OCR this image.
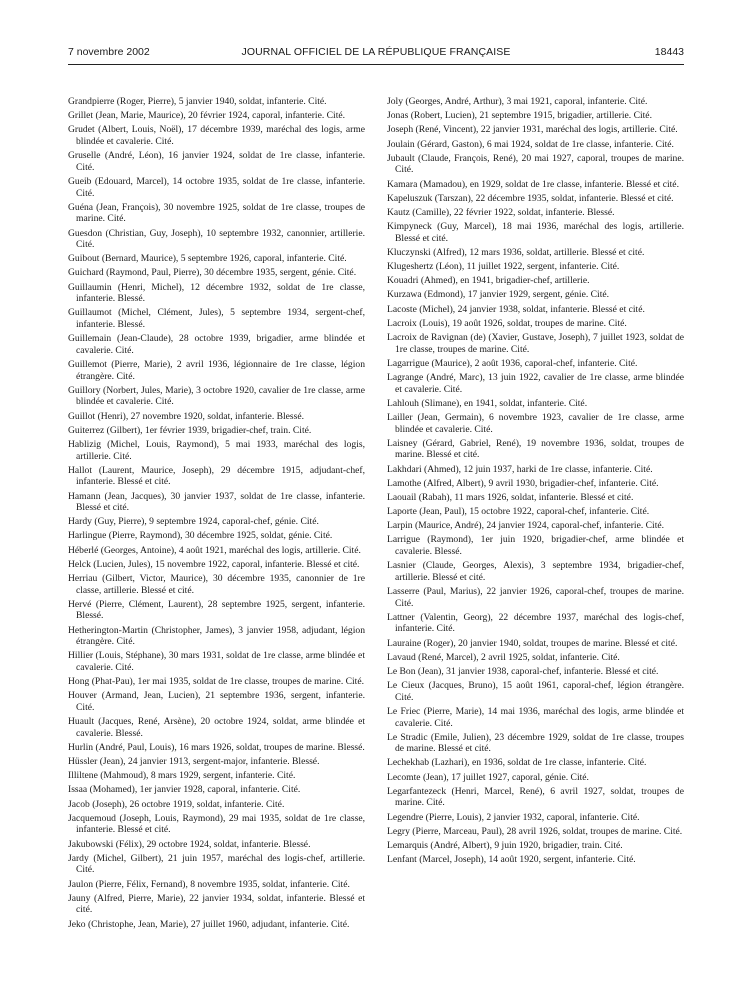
7 novembre 2002	JOURNAL OFFICIEL DE LA RÉPUBLIQUE FRANÇAISE	18443

Grandpierre (Roger, Pierre), 5 janvier 1940, soldat, infanterie. Cité.

Grillet (Jean, Marie, Maurice), 20 février 1924, caporal, infanterie. Cité.

Grudet (Albert, Louis, Noël), 17 décembre 1939, maréchal des logis, arme blindée et cavalerie. Cité.

Gruselle (André, Léon), 16 janvier 1924, soldat de 1re classe, infanterie. Cité.

Gueib (Edouard, Marcel), 14 octobre 1935, soldat de 1re classe, infanterie. Cité.

Guéna (Jean, François), 30 novembre 1925, soldat de 1re classe, troupes de marine. Cité.

Guesdon (Christian, Guy, Joseph), 10 septembre 1932, canonnier, artillerie. Cité.

Guibout (Bernard, Maurice), 5 septembre 1926, caporal, infanterie. Cité.

Guichard (Raymond, Paul, Pierre), 30 décembre 1935, sergent, génie. Cité.

Guillaumin (Henri, Michel), 12 décembre 1932, soldat de 1re classe, infanterie. Blessé.

Guillaumot (Michel, Clément, Jules), 5 septembre 1934, sergent-chef, infanterie. Blessé.

Guillemain (Jean-Claude), 28 octobre 1939, brigadier, arme blindée et cavalerie. Cité.

Guillemot (Pierre, Marie), 2 avril 1936, légionnaire de 1re classe, légion étrangère. Cité.

Guillory (Norbert, Jules, Marie), 3 octobre 1920, cavalier de 1re classe, arme blindée et cavalerie. Cité.

Guillot (Henri), 27 novembre 1920, soldat, infanterie. Blessé.

Guiterrez (Gilbert), 1er février 1939, brigadier-chef, train. Cité.

Hablizig (Michel, Louis, Raymond), 5 mai 1933, maréchal des logis, artillerie. Cité.

Hallot (Laurent, Maurice, Joseph), 29 décembre 1915, adjudant-chef, infanterie. Blessé et cité.

Hamann (Jean, Jacques), 30 janvier 1937, soldat de 1re classe, infanterie. Blessé et cité.

Hardy (Guy, Pierre), 9 septembre 1924, caporal-chef, génie. Cité.

Harlingue (Pierre, Raymond), 30 décembre 1925, soldat, génie. Cité.

Héberlé (Georges, Antoine), 4 août 1921, maréchal des logis, artillerie. Cité.

Helck (Lucien, Jules), 15 novembre 1922, caporal, infanterie. Blessé et cité.

Herriau (Gilbert, Victor, Maurice), 30 décembre 1935, canonnier de 1re classe, artillerie. Blessé et cité.

Hervé (Pierre, Clément, Laurent), 28 septembre 1925, sergent, infanterie. Blessé.

Hetherington-Martin (Christopher, James), 3 janvier 1958, adjudant, légion étrangère. Cité.

Hillier (Louis, Stéphane), 30 mars 1931, soldat de 1re classe, arme blindée et cavalerie. Cité.

Hong (Phat-Pau), 1er mai 1935, soldat de 1re classe, troupes de marine. Cité.

Houver (Armand, Jean, Lucien), 21 septembre 1936, sergent, infanterie. Cité.

Huault (Jacques, René, Arsène), 20 octobre 1924, soldat, arme blindée et cavalerie. Blessé.

Hurlin (André, Paul, Louis), 16 mars 1926, soldat, troupes de marine. Blessé.

Hüssler (Jean), 24 janvier 1913, sergent-major, infanterie. Blessé.

Illiltene (Mahmoud), 8 mars 1929, sergent, infanterie. Cité.

Issaa (Mohamed), 1er janvier 1928, caporal, infanterie. Cité.

Jacob (Joseph), 26 octobre 1919, soldat, infanterie. Cité.

Jacquemoud (Joseph, Louis, Raymond), 29 mai 1935, soldat de 1re classe, infanterie. Blessé et cité.

Jakubowski (Félix), 29 octobre 1924, soldat, infanterie. Blessé.

Jardy (Michel, Gilbert), 21 juin 1957, maréchal des logis-chef, artillerie. Cité.

Jaulon (Pierre, Félix, Fernand), 8 novembre 1935, soldat, infanterie. Cité.

Jauny (Alfred, Pierre, Marie), 22 janvier 1934, soldat, infanterie. Blessé et cité.

Jeko (Christophe, Jean, Marie), 27 juillet 1960, adjudant, infanterie. Cité.

Joly (Georges, André, Arthur), 3 mai 1921, caporal, infanterie. Cité.

Jonas (Robert, Lucien), 21 septembre 1915, brigadier, artillerie. Cité.

Joseph (René, Vincent), 22 janvier 1931, maréchal des logis, artillerie. Cité.

Joulain (Gérard, Gaston), 6 mai 1924, soldat de 1re classe, infanterie. Cité.

Jubault (Claude, François, René), 20 mai 1927, caporal, troupes de marine. Cité.

Kamara (Mamadou), en 1929, soldat de 1re classe, infanterie. Blessé et cité.

Kapeluszuk (Tarszan), 22 décembre 1935, soldat, infanterie. Blessé et cité.

Kautz (Camille), 22 février 1922, soldat, infanterie. Blessé.

Kimpyneck (Guy, Marcel), 18 mai 1936, maréchal des logis, artillerie. Blessé et cité.

Kluczynski (Alfred), 12 mars 1936, soldat, artillerie. Blessé et cité.

Klugeshertz (Léon), 11 juillet 1922, sergent, infanterie. Cité.

Kouadri (Ahmed), en 1941, brigadier-chef, artillerie.

Kurzawa (Edmond), 17 janvier 1929, sergent, génie. Cité.

Lacoste (Michel), 24 janvier 1938, soldat, infanterie. Blessé et cité.

Lacroix (Louis), 19 août 1926, soldat, troupes de marine. Cité.

Lacroix de Ravignan (de) (Xavier, Gustave, Joseph), 7 juillet 1923, soldat de 1re classe, troupes de marine. Cité.

Lagarrigue (Maurice), 2 août 1936, caporal-chef, infanterie. Cité.

Lagrange (André, Marc), 13 juin 1922, cavalier de 1re classe, arme blindée et cavalerie. Cité.

Lahlouh (Slimane), en 1941, soldat, infanterie. Cité.

Lailler (Jean, Germain), 6 novembre 1923, cavalier de 1re classe, arme blindée et cavalerie. Cité.

Laisney (Gérard, Gabriel, René), 19 novembre 1936, soldat, troupes de marine. Blessé et cité.

Lakhdari (Ahmed), 12 juin 1937, harki de 1re classe, infanterie. Cité.

Lamothe (Alfred, Albert), 9 avril 1930, brigadier-chef, infanterie. Cité.

Laouail (Rabah), 11 mars 1926, soldat, infanterie. Blessé et cité.

Laporte (Jean, Paul), 15 octobre 1922, caporal-chef, infanterie. Cité.

Larpin (Maurice, André), 24 janvier 1924, caporal-chef, infanterie. Cité.

Larrigue (Raymond), 1er juin 1920, brigadier-chef, arme blindée et cavalerie. Blessé.

Lasnier (Claude, Georges, Alexis), 3 septembre 1934, brigadier-chef, artillerie. Blessé et cité.

Lasserre (Paul, Marius), 22 janvier 1926, caporal-chef, troupes de marine. Cité.

Lattner (Valentin, Georg), 22 décembre 1937, maréchal des logis-chef, infanterie. Cité.

Lauraine (Roger), 20 janvier 1940, soldat, troupes de marine. Blessé et cité.

Lavaud (René, Marcel), 2 avril 1925, soldat, infanterie. Cité.

Le Bon (Jean), 31 janvier 1938, caporal-chef, infanterie. Blessé et cité.

Le Cieux (Jacques, Bruno), 15 août 1961, caporal-chef, légion étrangère. Cité.

Le Friec (Pierre, Marie), 14 mai 1936, maréchal des logis, arme blindée et cavalerie. Cité.

Le Stradic (Emile, Julien), 23 décembre 1929, soldat de 1re classe, troupes de marine. Blessé et cité.

Lechekhab (Lazhari), en 1936, soldat de 1re classe, infanterie. Cité.

Lecomte (Jean), 17 juillet 1927, caporal, génie. Cité.

Legarfantezeck (Henri, Marcel, René), 6 avril 1927, soldat, troupes de marine. Cité.

Legendre (Pierre, Louis), 2 janvier 1932, caporal, infanterie. Cité.

Legry (Pierre, Marceau, Paul), 28 avril 1926, soldat, troupes de marine. Cité.

Lemarquis (André, Albert), 9 juin 1920, brigadier, train. Cité.

Lenfant (Marcel, Joseph), 14 août 1920, sergent, infanterie. Cité.
